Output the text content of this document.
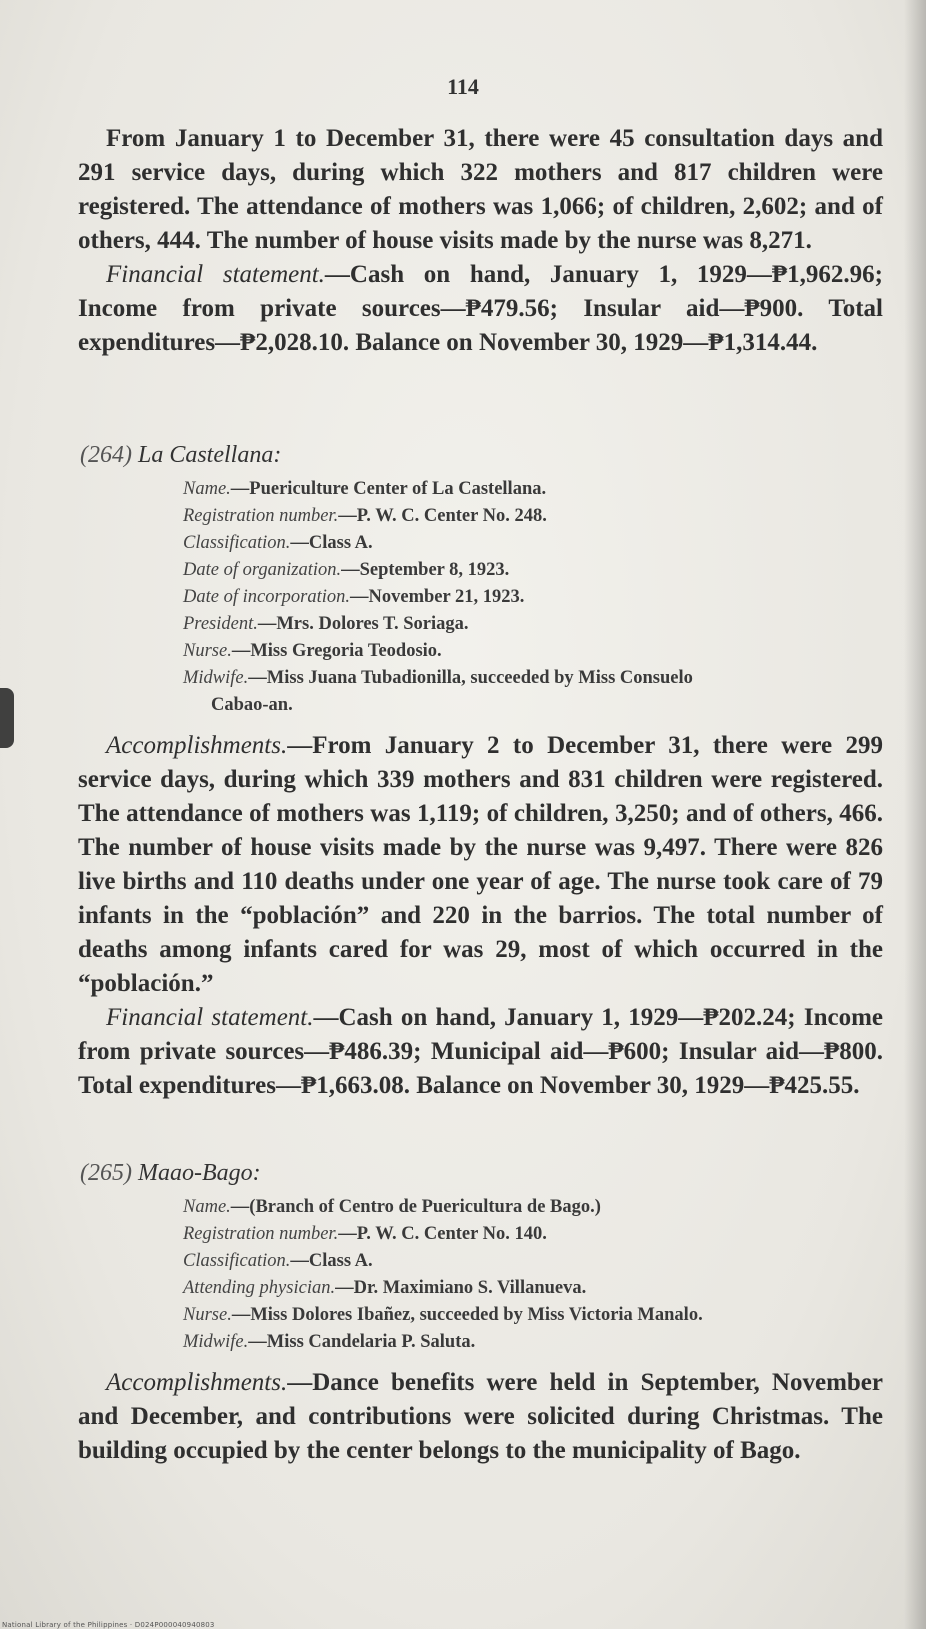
114

From January 1 to December 31, there were 45 consultation days and 291 service days, during which 322 mothers and 817 children were registered. The attendance of mothers was 1,066; of children, 2,602; and of others, 444. The number of house visits made by the nurse was 8,271.

Financial statement.—Cash on hand, January 1, 1929—₱1,962.96; Income from private sources—₱479.56; Insular aid—₱900. Total expenditures—₱2,028.10. Balance on November 30, 1929—₱1,314.44.

(264) La Castellana:

Name.—Puericulture Center of La Castellana.
Registration number.—P. W. C. Center No. 248.
Classification.—Class A.
Date of organization.—September 8, 1923.
Date of incorporation.—November 21, 1923.
President.—Mrs. Dolores T. Soriaga.
Nurse.—Miss Gregoria Teodosio.
Midwife.—Miss Juana Tubadionilla, succeeded by Miss Consuelo
Cabao-an.

Accomplishments.—From January 2 to December 31, there were 299 service days, during which 339 mothers and 831 children were registered. The attendance of mothers was 1,119; of children, 3,250; and of others, 466. The number of house visits made by the nurse was 9,497. There were 826 live births and 110 deaths under one year of age. The nurse took care of 79 infants in the “población” and 220 in the barrios. The total number of deaths among infants cared for was 29, most of which occurred in the “población.”

Financial statement.—Cash on hand, January 1, 1929—₱202.24; Income from private sources—₱486.39; Municipal aid—₱600; Insular aid—₱800. Total expenditures—₱1,663.08. Balance on November 30, 1929—₱425.55.

(265) Maao-Bago:

Name.—(Branch of Centro de Puericultura de Bago.)
Registration number.—P. W. C. Center No. 140.
Classification.—Class A.
Attending physician.—Dr. Maximiano S. Villanueva.
Nurse.—Miss Dolores Ibañez, succeeded by Miss Victoria Manalo.
Midwife.—Miss Candelaria P. Saluta.

Accomplishments.—Dance benefits were held in September, November and December, and contributions were solicited during Christmas. The building occupied by the center belongs to the municipality of Bago.

National Library of the Philippines · D024P000040940803
